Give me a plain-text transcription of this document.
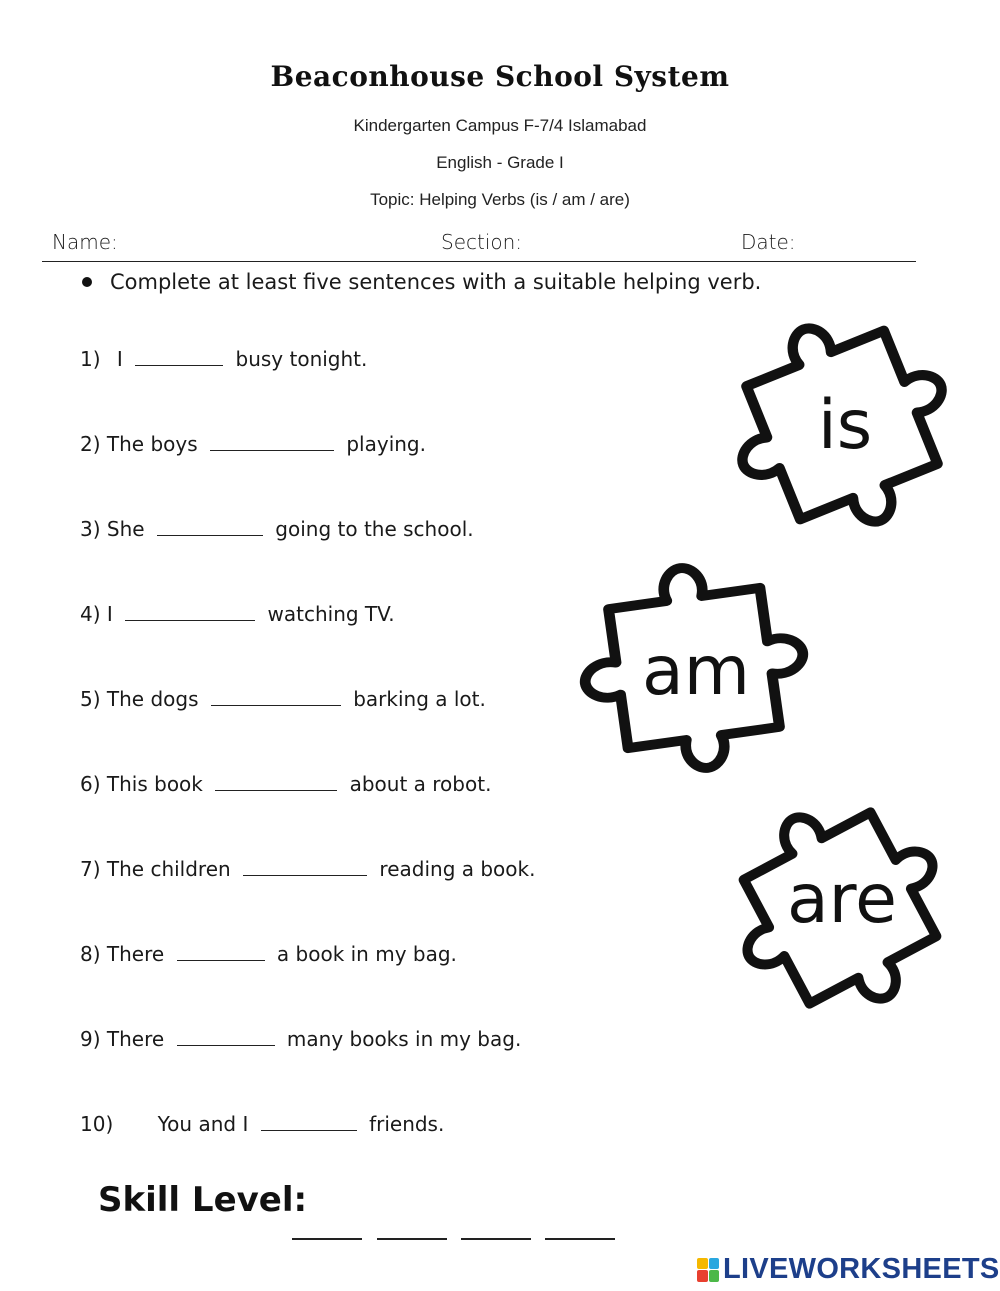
Beaconhouse School System
Kindergarten Campus F-7/4 Islamabad
English - Grade I
Topic: Helping Verbs (is / am / are)
Name:	Section:	Date:
Complete at least five sentences with a suitable helping verb.
1) I	busy tonight.
2) The boys	playing.
3) She	going to the school.
4) I	watching TV.
5) The dogs	barking a lot.
6) This book	about a robot.
7) The children	reading a book.
8) There	a book in my bag.
9) There	many books in my bag.
10) You and I	friends.
is
am
are
Skill Level:
LIVEWORKSHEETS
